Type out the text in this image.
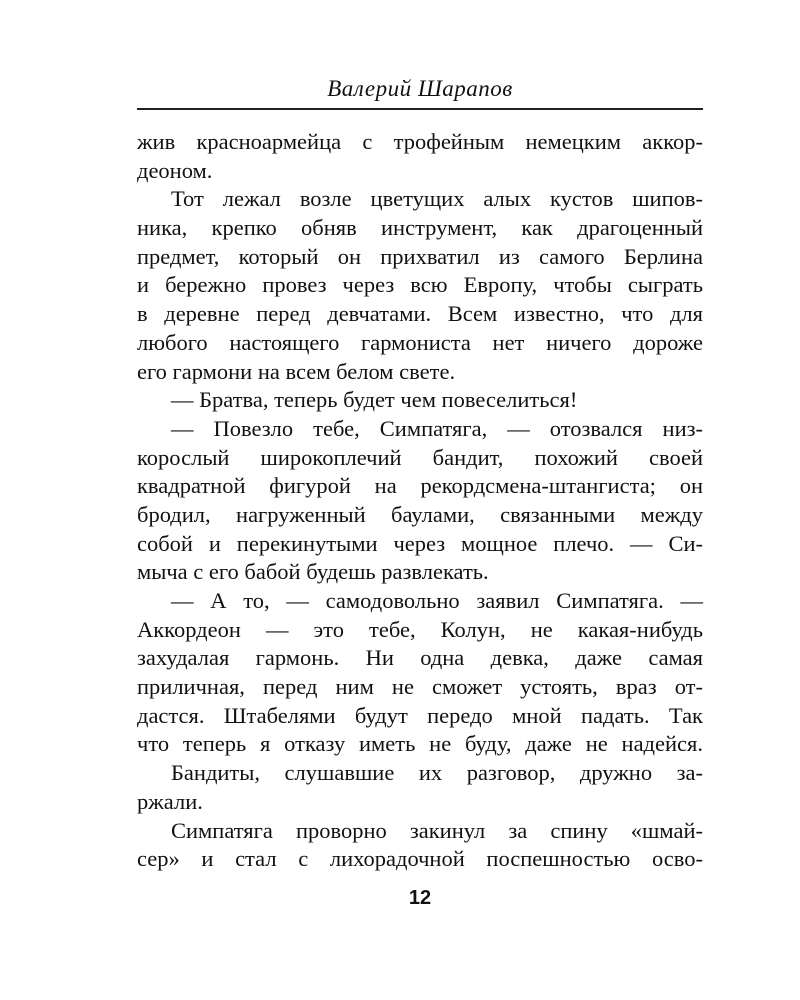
Валерий Шарапов
жив красноармейца с трофейным немецким аккор-
деоном.
Тот лежал возле цветущих алых кустов шипов-
ника, крепко обняв инструмент, как драгоценный
предмет, который он прихватил из самого Берлина
и бережно провез через всю Европу, чтобы сыграть
в деревне перед девчатами. Всем известно, что для
любого настоящего гармониста нет ничего дороже
его гармони на всем белом свете.
— Братва, теперь будет чем повеселиться!
— Повезло тебе, Симпатяга, — отозвался низ-
корослый широкоплечий бандит, похожий своей
квадратной фигурой на рекордсмена-штангиста; он
бродил, нагруженный баулами, связанными между
собой и перекинутыми через мощное плечо. — Си-
мыча с его бабой будешь развлекать.
— А то, — самодовольно заявил Симпатяга. —
Аккордеон — это тебе, Колун, не какая-нибудь
захудалая гармонь. Ни одна девка, даже самая
приличная, перед ним не сможет устоять, враз от-
дастся. Штабелями будут передо мной падать. Так
что теперь я отказу иметь не буду, даже не надейся.
Бандиты, слушавшие их разговор, дружно за-
ржали.
Симпатяга проворно закинул за спину «шмай-
сер» и стал с лихорадочной поспешностью осво-
12
